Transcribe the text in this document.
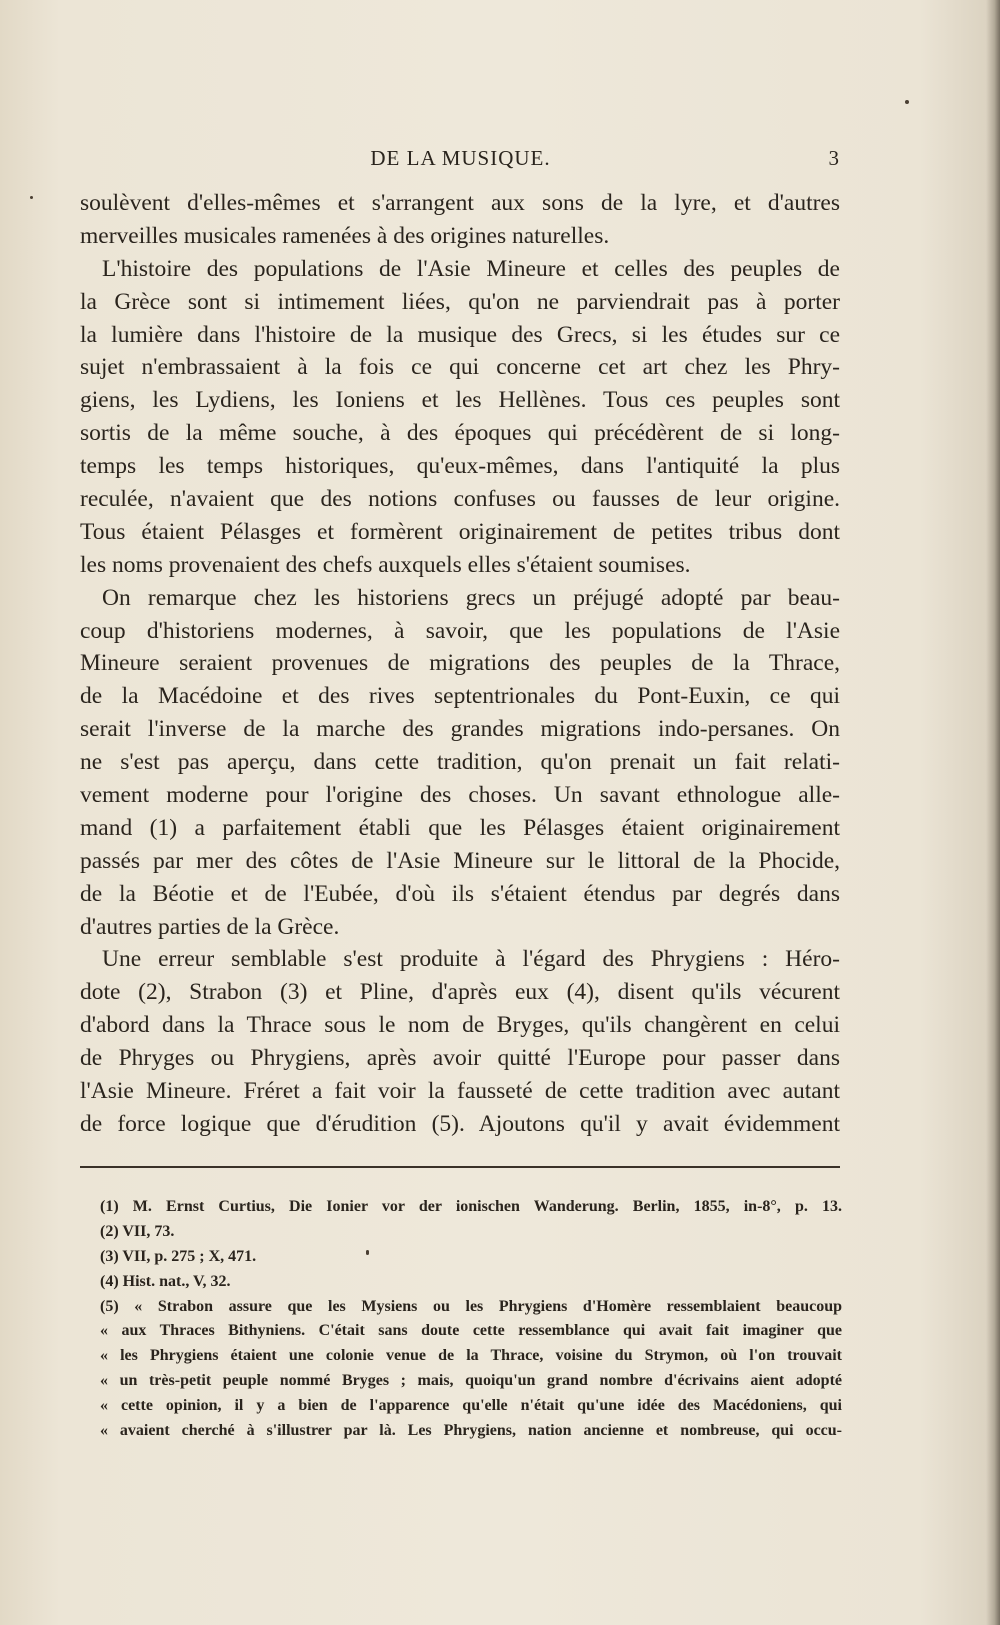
DE LA MUSIQUE.	3
soulèvent d'elles-mêmes et s'arrangent aux sons de la lyre, et d'autres
merveilles musicales ramenées à des origines naturelles.
L'histoire des populations de l'Asie Mineure et celles des peuples de
la Grèce sont si intimement liées, qu'on ne parviendrait pas à porter
la lumière dans l'histoire de la musique des Grecs, si les études sur ce
sujet n'embrassaient à la fois ce qui concerne cet art chez les Phry-
giens, les Lydiens, les Ioniens et les Hellènes. Tous ces peuples sont
sortis de la même souche, à des époques qui précédèrent de si long-
temps les temps historiques, qu'eux-mêmes, dans l'antiquité la plus
reculée, n'avaient que des notions confuses ou fausses de leur origine.
Tous étaient Pélasges et formèrent originairement de petites tribus dont
les noms provenaient des chefs auxquels elles s'étaient soumises.
On remarque chez les historiens grecs un préjugé adopté par beau-
coup d'historiens modernes, à savoir, que les populations de l'Asie
Mineure seraient provenues de migrations des peuples de la Thrace,
de la Macédoine et des rives septentrionales du Pont-Euxin, ce qui
serait l'inverse de la marche des grandes migrations indo-persanes. On
ne s'est pas aperçu, dans cette tradition, qu'on prenait un fait relati-
vement moderne pour l'origine des choses. Un savant ethnologue alle-
mand (1) a parfaitement établi que les Pélasges étaient originairement
passés par mer des côtes de l'Asie Mineure sur le littoral de la Phocide,
de la Béotie et de l'Eubée, d'où ils s'étaient étendus par degrés dans
d'autres parties de la Grèce.
Une erreur semblable s'est produite à l'égard des Phrygiens : Héro-
dote (2), Strabon (3) et Pline, d'après eux (4), disent qu'ils vécurent
d'abord dans la Thrace sous le nom de Bryges, qu'ils changèrent en celui
de Phryges ou Phrygiens, après avoir quitté l'Europe pour passer dans
l'Asie Mineure. Fréret a fait voir la fausseté de cette tradition avec autant
de force logique que d'érudition (5). Ajoutons qu'il y avait évidemment
(1) M. Ernst Curtius, Die Ionier vor der ionischen Wanderung. Berlin, 1855, in-8°, p. 13.
(2) VII, 73.
(3) VII, p. 275 ; X, 471.
(4) Hist. nat., V, 32.
(5) « Strabon assure que les Mysiens ou les Phrygiens d'Homère ressemblaient beaucoup
« aux Thraces Bithyniens. C'était sans doute cette ressemblance qui avait fait imaginer que
« les Phrygiens étaient une colonie venue de la Thrace, voisine du Strymon, où l'on trouvait
« un très-petit peuple nommé Bryges ; mais, quoiqu'un grand nombre d'écrivains aient adopté
« cette opinion, il y a bien de l'apparence qu'elle n'était qu'une idée des Macédoniens, qui
« avaient cherché à s'illustrer par là. Les Phrygiens, nation ancienne et nombreuse, qui occu-
